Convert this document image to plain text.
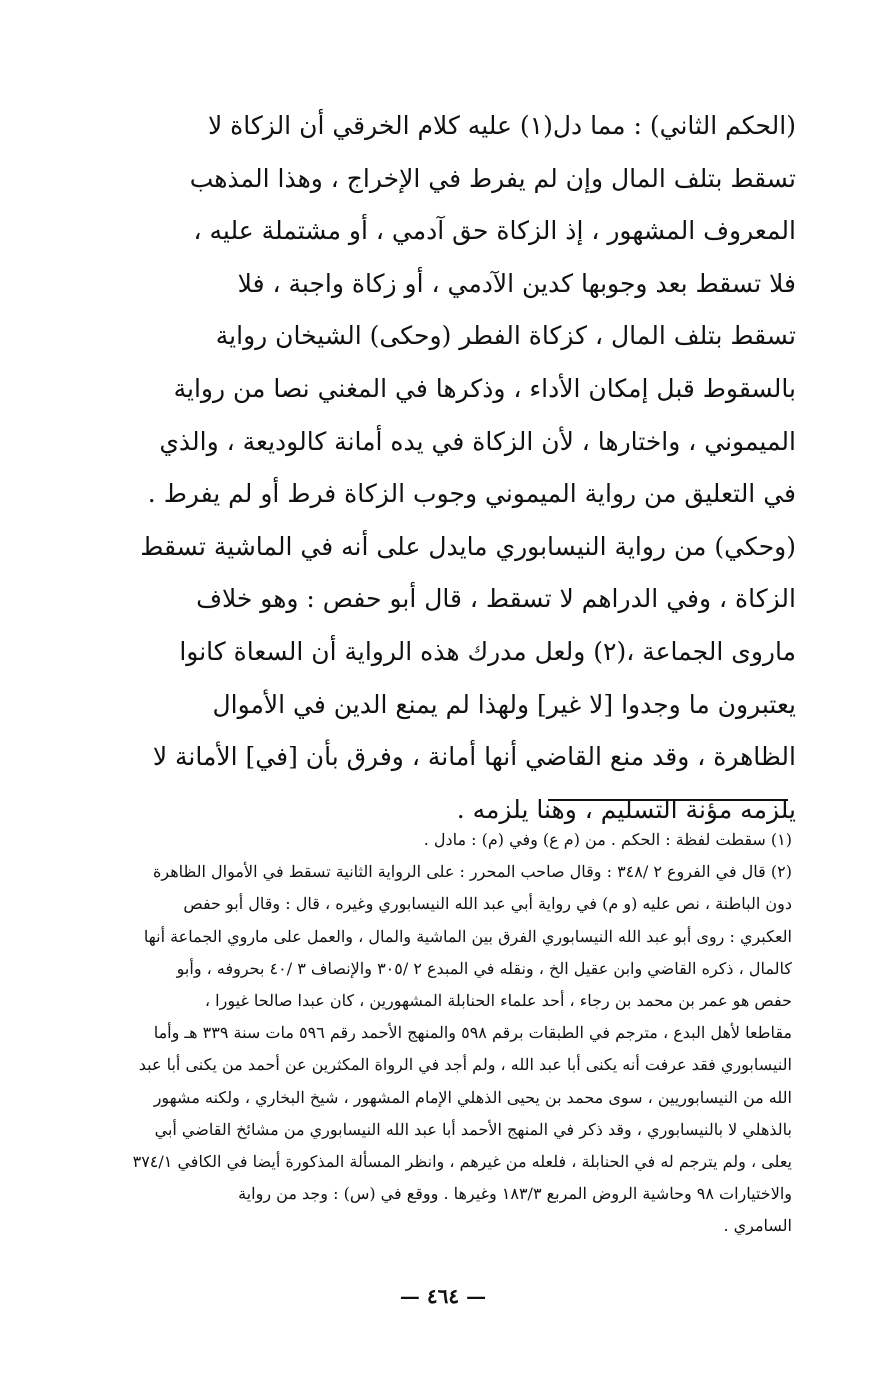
(الحكم الثاني) : مما دل(١) عليه كلام الخرقي أن الزكاة لا
تسقط بتلف المال وإن لم يفرط في الإخراج ، وهذا المذهب
المعروف المشهور ، إذ الزكاة حق آدمي ، أو مشتملة عليه ،
فلا تسقط بعد وجوبها كدين الآدمي ، أو زكاة واجبة ، فلا
تسقط بتلف المال ، كزكاة الفطر (وحكى) الشيخان رواية
بالسقوط قبل إمكان الأداء ، وذكرها في المغني نصا من رواية
الميموني ، واختارها ، لأن الزكاة في يده أمانة كالوديعة ، والذي
في التعليق من رواية الميموني وجوب الزكاة فرط أو لم يفرط .
(وحكي) من رواية النيسابوري مايدل على أنه في الماشية تسقط
الزكاة ، وفي الدراهم لا تسقط ، قال أبو حفص : وهو خلاف
ماروى الجماعة ،(٢) ولعل مدرك هذه الرواية أن السعاة كانوا
يعتبرون ما وجدوا [لا غير] ولهذا لم يمنع الدين في الأموال
الظاهرة ، وقد منع القاضي أنها أمانة ، وفرق بأن [في] الأمانة لا
يلزمه مؤنة التسليم ، وهنا يلزمه .
(١) سقطت لفظة : الحكم . من (م ع) وفي (م) : مادل .
(٢) قال في الفروع ٢ /٣٤٨ : وقال صاحب المحرر : على الرواية الثانية تسقط في الأموال الظاهرة
دون الباطنة ، نص عليه (و م) في رواية أبي عبد الله النيسابوري وغيره ، قال : وقال أبو حفص
العكبري : روى أبو عبد الله النيسابوري الفرق بين الماشية والمال ، والعمل على ماروي الجماعة أنها
كالمال ، ذكره القاضي وابن عقيل الخ ، ونقله في المبدع ٢ /٣٠٥ والإنصاف ٣ /٤٠ بحروفه ، وأبو
حفص هو عمر بن محمد بن رجاء ، أحد علماء الحنابلة المشهورين ، كان عبدا صالحا غيورا ،
مقاطعا لأهل البدع ، مترجم في الطبقات برقم ٥٩٨ والمنهج الأحمد رقم ٥٩٦ مات سنة ٣٣٩ هـ وأما
النيسابوري فقد عرفت أنه يكنى أبا عبد الله ، ولم أجد في الرواة المكثرين عن أحمد من يكنى أبا عبد
الله من النيسابوريين ، سوى محمد بن يحيى الذهلي الإمام المشهور ، شيخ البخاري ، ولكنه مشهور
بالذهلي لا بالنيسابوري ، وقد ذكر في المنهج الأحمد أبا عبد الله النيسابوري من مشائخ القاضي أبي
يعلى ، ولم يترجم له في الحنابلة ، فلعله من غيرهم ، وانظر المسألة المذكورة أيضا في الكافي ٣٧٤/١
والاختيارات ٩٨ وحاشية الروض المربع ١٨٣/٣ وغيرها . ووقع في (س) : وجد من رواية
السامري .
— ٤٦٤ —
